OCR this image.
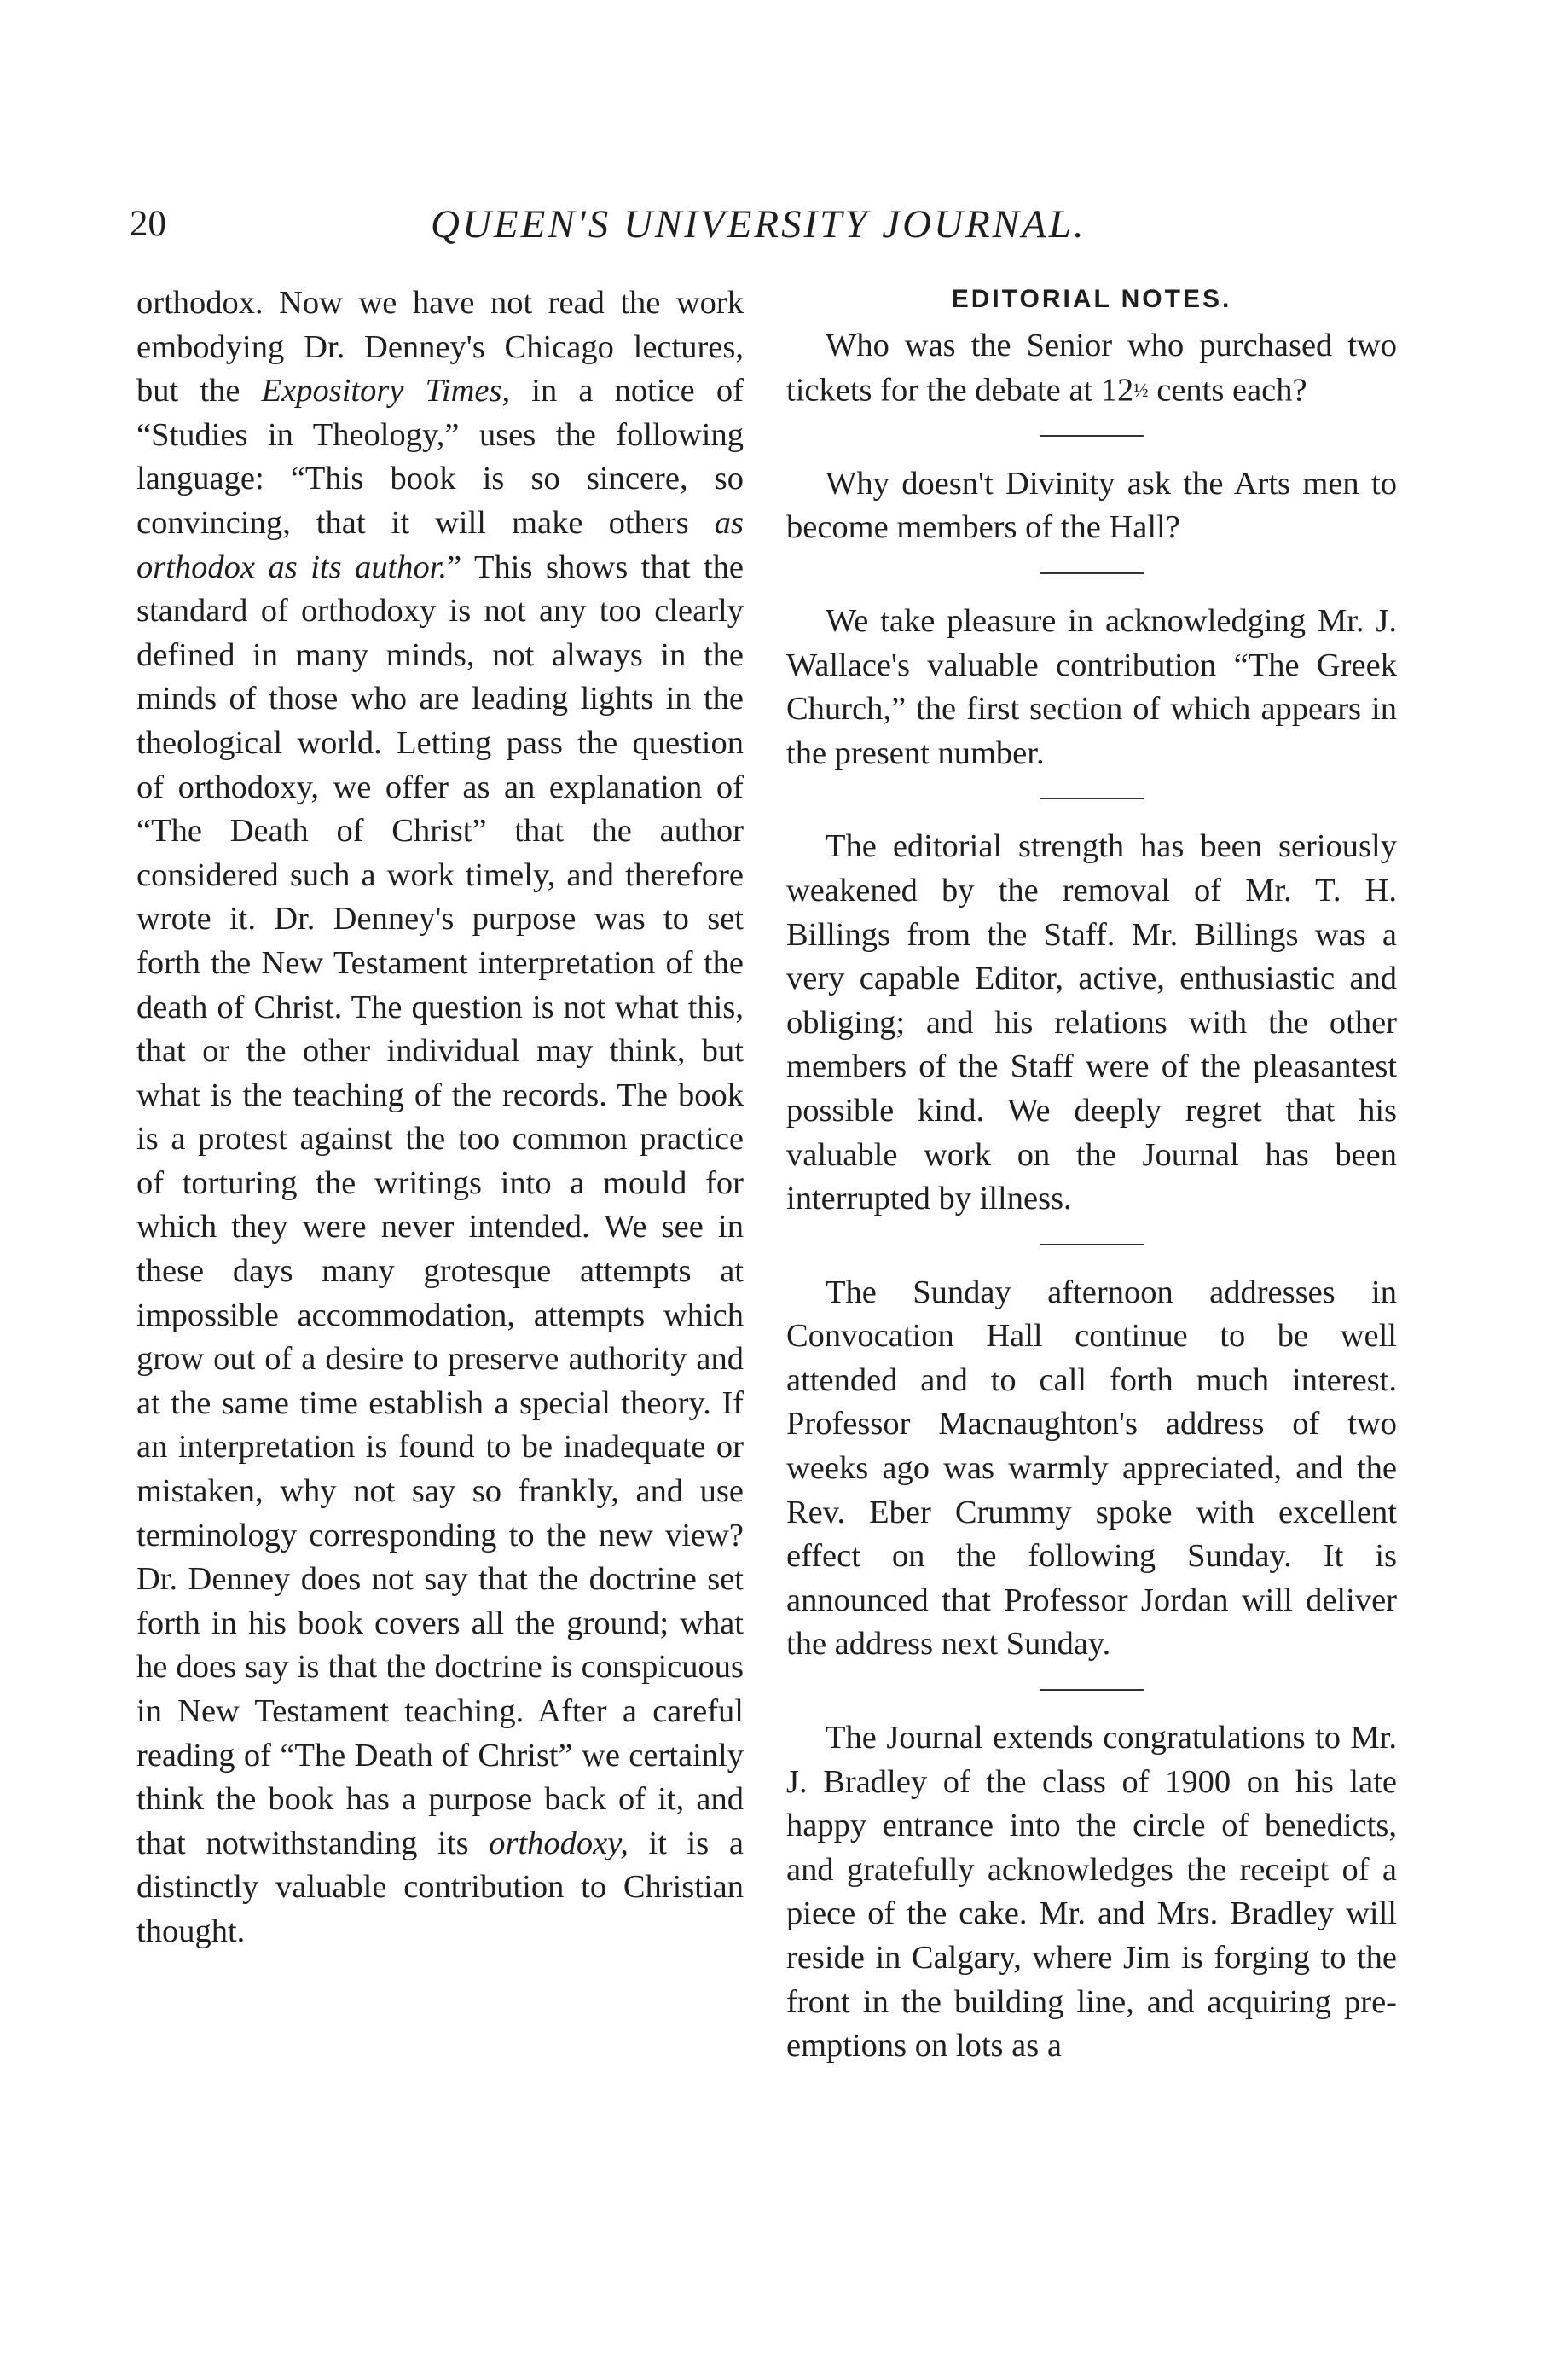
20	QUEEN'S UNIVERSITY JOURNAL.

orthodox. Now we have not read the work embodying Dr. Denney's Chicago lectures, but the Expository Times, in a notice of “Studies in Theology,” uses the following language: “This book is so sincere, so convincing, that it will make others as orthodox as its author.” This shows that the standard of orthodoxy is not any too clearly defined in many minds, not always in the minds of those who are leading lights in the theological world. Letting pass the question of orthodoxy, we offer as an explanation of “The Death of Christ” that the author considered such a work timely, and therefore wrote it. Dr. Denney's purpose was to set forth the New Testament interpretation of the death of Christ. The question is not what this, that or the other individual may think, but what is the teaching of the records. The book is a protest against the too common practice of torturing the writings into a mould for which they were never intended. We see in these days many grotesque attempts at impossible accommodation, attempts which grow out of a desire to preserve authority and at the same time establish a special theory. If an interpretation is found to be inadequate or mistaken, why not say so frankly, and use terminology corresponding to the new view? Dr. Denney does not say that the doctrine set forth in his book covers all the ground; what he does say is that the doctrine is conspicuous in New Testament teaching. After a careful reading of “The Death of Christ” we certainly think the book has a purpose back of it, and that notwithstanding its orthodoxy, it is a distinctly valuable contribution to Christian thought.

EDITORIAL NOTES.

Who was the Senior who purchased two tickets for the debate at 12½ cents each?

Why doesn't Divinity ask the Arts men to become members of the Hall?

We take pleasure in acknowledging Mr. J. Wallace's valuable contribution “The Greek Church,” the first section of which appears in the present number.

The editorial strength has been seriously weakened by the removal of Mr. T. H. Billings from the Staff. Mr. Billings was a very capable Editor, active, enthusiastic and obliging; and his relations with the other members of the Staff were of the pleasantest possible kind. We deeply regret that his valuable work on the Journal has been interrupted by illness.

The Sunday afternoon addresses in Convocation Hall continue to be well attended and to call forth much interest. Professor Macnaughton's address of two weeks ago was warmly appreciated, and the Rev. Eber Crummy spoke with excellent effect on the following Sunday. It is announced that Professor Jordan will deliver the address next Sunday.

The Journal extends congratulations to Mr. J. Bradley of the class of 1900 on his late happy entrance into the circle of benedicts, and gratefully acknowledges the receipt of a piece of the cake. Mr. and Mrs. Bradley will reside in Calgary, where Jim is forging to the front in the building line, and acquiring pre-emptions on lots as a
